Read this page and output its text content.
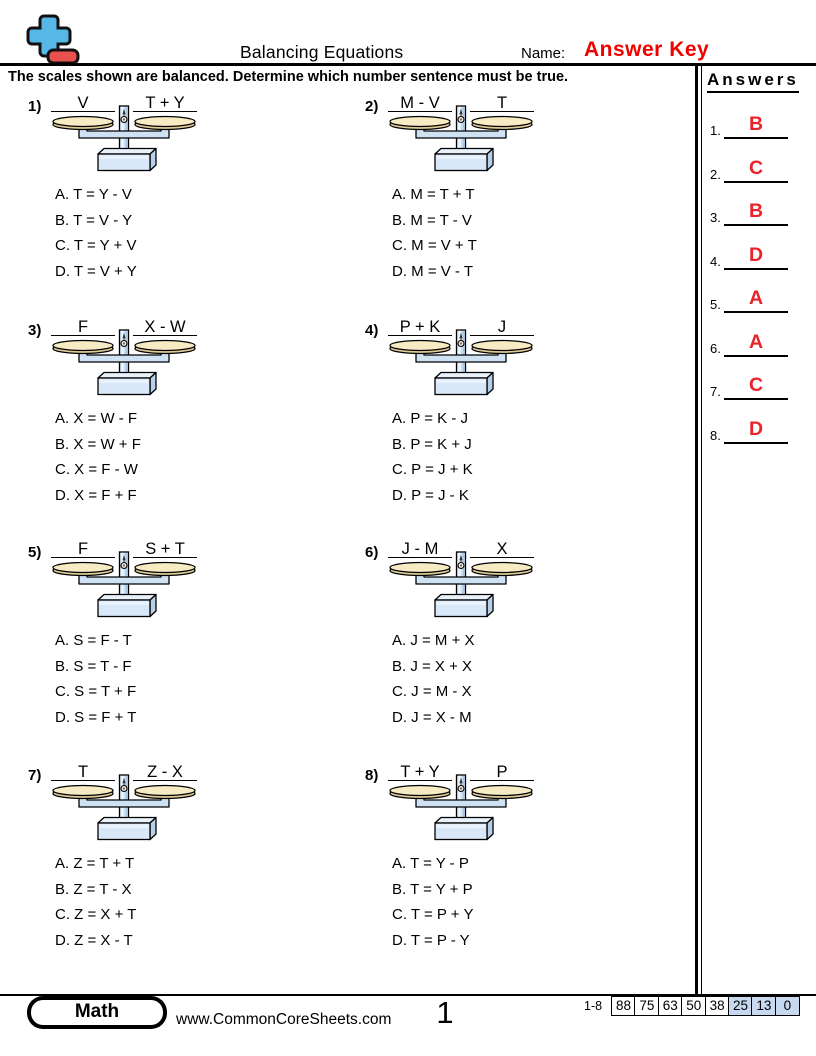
Balancing Equations	Name: Answer Key
The scales shown are balanced. Determine which number sentence must be true.	Answers
1.	B
2.	C
3.	B
4.	D
5.	A
6.	A
7.	C
8.	D
1)	V	T + Y
A. T = Y - V
B. T = V - Y
C. T = Y + V
D. T = V + Y
2)	M - V	T
A. M = T + T
B. M = T - V
C. M = V + T
D. M = V - T
3)	F	X - W
A. X = W - F
B. X = W + F
C. X = F - W
D. X = F + F
4)	P + K	J
A. P = K - J
B. P = K + J
C. P = J + K
D. P = J - K
5)	F	S + T
A. S = F - T
B. S = T - F
C. S = T + F
D. S = F + T
6)	J - M	X
A. J = M + X
B. J = X + X
C. J = M - X
D. J = X - M
7)	T	Z - X
A. Z = T + T
B. Z = T - X
C. Z = X + T
D. Z = X - T
8)	T + Y	P
A. T = Y - P
B. T = Y + P
C. T = P + Y
D. T = P - Y
Math	www.CommonCoreSheets.com 1	1-8	88 75 63 50 38 25 13 0
